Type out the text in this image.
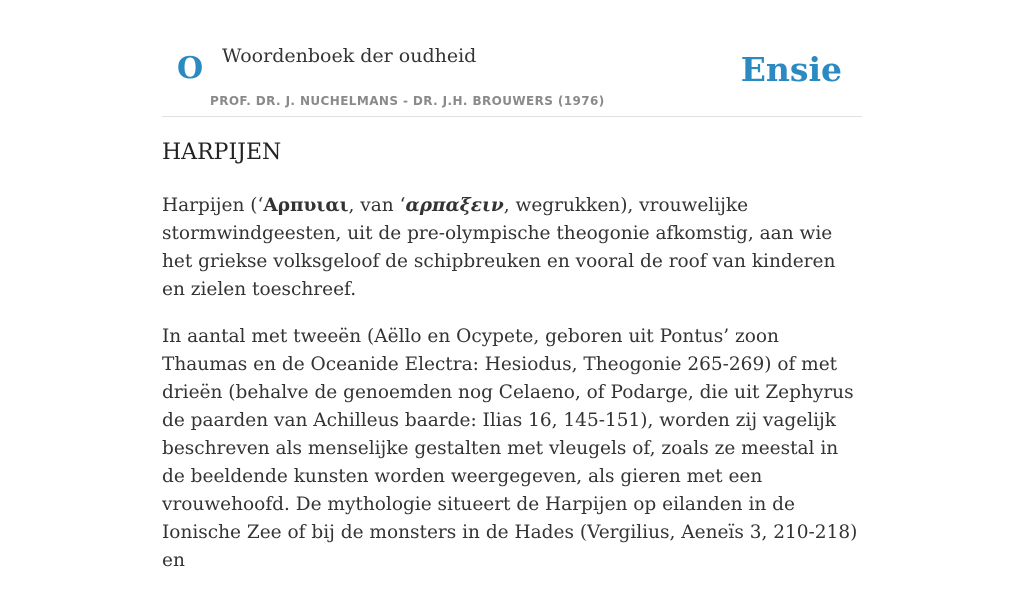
O Woordenboek der oudheid
PROF. DR. J. NUCHELMANS - DR. J.H. BROUWERS (1976)
Ensie
HARPIJEN

Harpijen (‘Αρπυιαι, van ‘αρπαξειν, wegrukken), vrouwelijke stormwindgeesten, uit de pre-olympische theogonie afkomstig, aan wie het griekse volksgeloof de schipbreuken en vooral de roof van kinderen en zielen toeschreef.

In aantal met tweeën (Aëllo en Ocypete, geboren uit Pontus’ zoon Thaumas en de Oceanide Electra: Hesiodus, Theogonie 265-269) of met drieën (behalve de genoemden nog Celaeno, of Podarge, die uit Zephyrus de paarden van Achilleus baarde: Ilias 16, 145-151), worden zij vagelijk beschreven als menselijke gestalten met vleugels of, zoals ze meestal in de beeldende kunsten worden weergegeven, als gieren met een vrouwehoofd. De mythologie situeert de Harpijen op eilanden in de Ionische Zee of bij de monsters in de Hades (Vergilius, Aeneïs 3, 210-218) en
